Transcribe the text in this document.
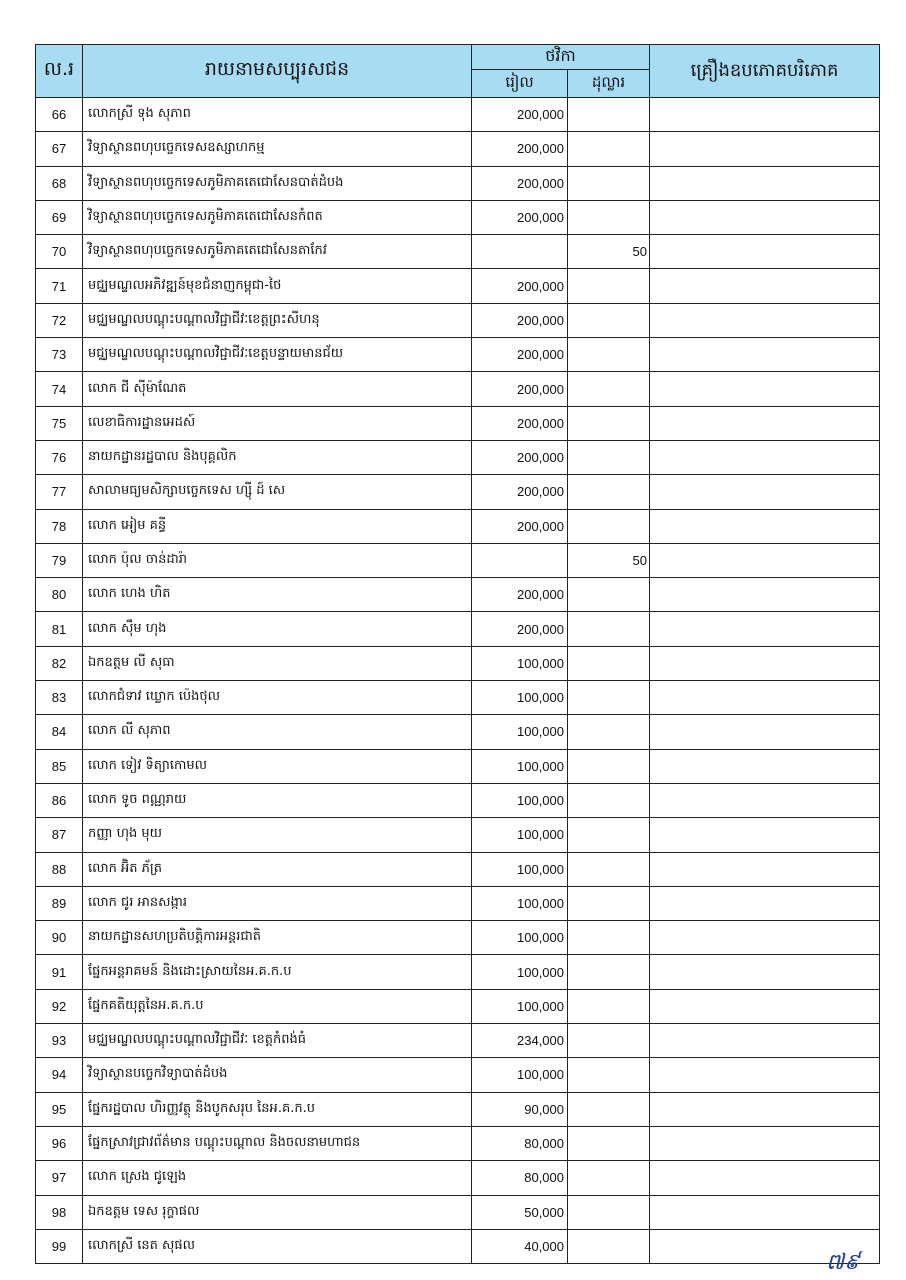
ល.រ	រាយនាមសប្បុរសជន	ថវិកា		គ្រឿងឧបភោគបរិភោគ
		រៀល	ដុល្លារ	
66	លោកស្រី ទុង សុភាព	200,000		
67	វិទ្យាស្ថានពហុបច្ចេកទេសឧស្សាហកម្ម	200,000		
68	វិទ្យាស្ថានពហុបច្ចេកទេសភូមិភាគតេជោសែនបាត់ដំបង	200,000		
69	វិទ្យាស្ថានពហុបច្ចេកទេសភូមិភាគតេជោសែនកំពត	200,000		
70	វិទ្យាស្ថានពហុបច្ចេកទេសភូមិភាគតេជោសែនតាកែវ		50	
71	មជ្ឈមណ្ឌលអភិវឌ្ឍន៍មុខជំនាញកម្ពុជា-ថៃ	200,000		
72	មជ្ឈមណ្ឌលបណ្តុះបណ្តាលវិជ្ជាជីវៈខេត្តព្រះសីហនុ	200,000		
73	មជ្ឈមណ្ឌលបណ្តុះបណ្តាលវិជ្ជាជីវៈខេត្តបន្ទាយមានជ័យ	200,000		
74	លោក ជី ស៊ីម៉ាណែត	200,000		
75	លេខាធិការដ្ឋានអេដស៍	200,000		
76	នាយកដ្ឋានរដ្ឋបាល និងបុគ្គលិក	200,000		
77	សាលាមធ្យមសិក្សាបច្ចេកទេស ហ្ស៊ី ដ៍ សេ	200,000		
78	លោក អៀម គន្ធី	200,000		
79	លោក ប៉ុល ចាន់ដារ៉ា		50	
80	លោក ហេង ហិត	200,000		
81	លោក ស៊ឹម ហុង	200,000		
82	ឯកឧត្តម លី សុធា	100,000		
83	លោកជំទាវ ឃ្លោក ប៉េងថុល	100,000		
84	លោក លី សុភាព	100,000		
85	លោក ទៀវ ទិត្យាកោមល	100,000		
86	លោក ទូច ពណ្ណរាយ	100,000		
87	កញ្ញា ហុង មុយ	100,000		
88	លោក អ៊ិត ភ័ត្រ	100,000		
89	លោក ជូរ អានសង្ការ	100,000		
90	នាយកដ្ឋានសហប្រតិបត្តិការអន្តរជាតិ	100,000		
91	ផ្នែកអន្តរាគមន៍ និងដោះស្រាយនៃអ.គ.ក.ប	100,000		
92	ផ្នែកគតិយុត្តនៃអ.គ.ក.ប	100,000		
93	មជ្ឈមណ្ឌលបណ្តុះបណ្តាលវិជ្ជាជីវៈ ខេត្តកំពង់ធំ	234,000		
94	វិទ្យាស្ថានបច្ចេកវិទ្យាបាត់ដំបង	100,000		
95	ផ្នែករដ្ឋបាល ហិរញ្ញវត្ថុ និងបូកសរុប នៃអ.គ.ក.ប	90,000		
96	ផ្នែកស្រាវជ្រាវព័ត៌មាន បណ្តុះបណ្តាល និងចលនាមហាជន	80,000		
97	លោក ស្រេង ជូឡេង	80,000		
98	ឯកឧត្តម ទេស រុក្ខាផល	50,000		
99	លោកស្រី នេត សុផល	40,000		
៧៩
